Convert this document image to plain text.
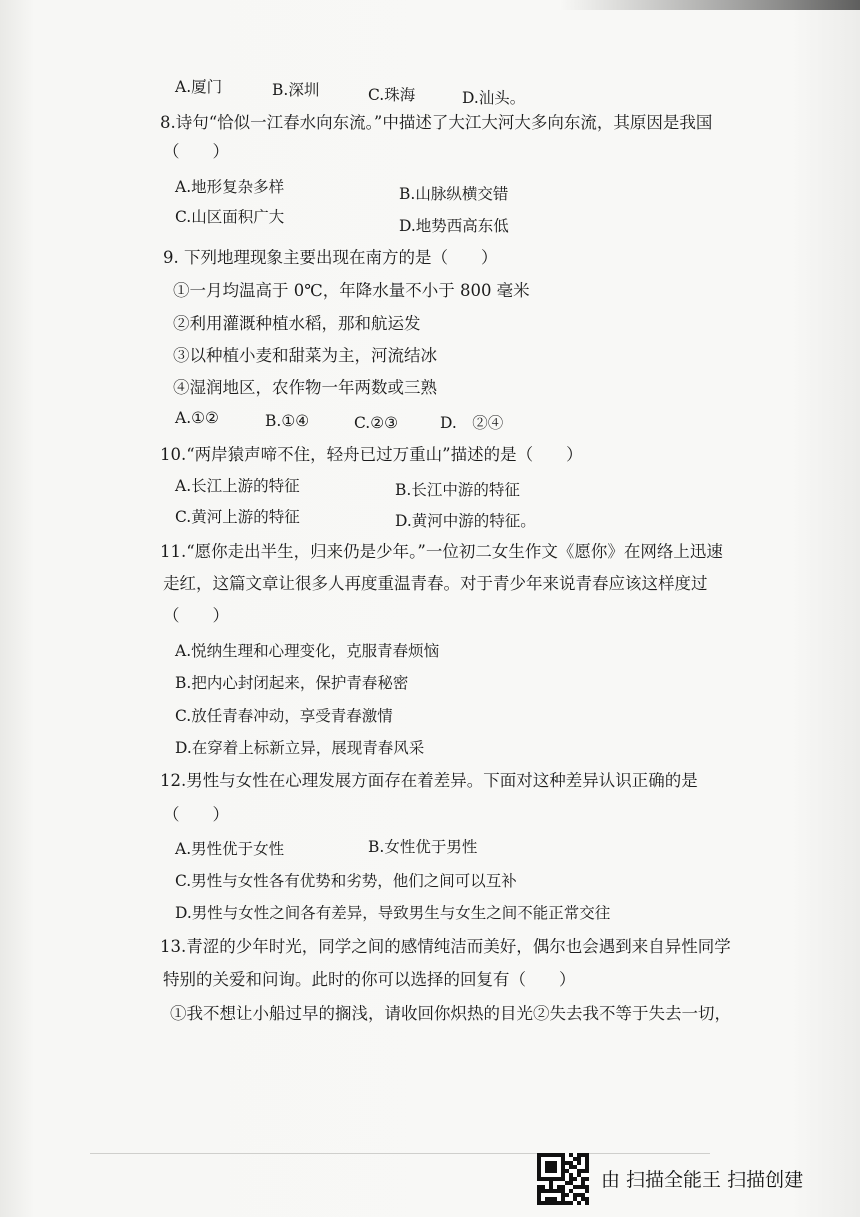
A.厦门	B.深圳	C.珠海	D.汕头。
8.诗句“恰似一江春水向东流。”中描述了大江大河大多向东流，其原因是我国
（　　）
A.地形复杂多样	B.山脉纵横交错
C.山区面积广大	D.地势西高东低
9. 下列地理现象主要出现在南方的是（　　）
①一月均温高于 0℃，年降水量不小于 800 毫米
②利用灌溉种植水稻，那和航运发
③以种植小麦和甜菜为主，河流结冰
④湿润地区，农作物一年两数或三熟
A.①②	B.①④	C.②③	D.　②④
10.“两岸猿声啼不住，轻舟已过万重山”描述的是（　　）
A.长江上游的特征	B.长江中游的特征
C.黄河上游的特征	D.黄河中游的特征。
11.“愿你走出半生，归来仍是少年。”一位初二女生作文《愿你》在网络上迅速
走红，这篇文章让很多人再度重温青春。对于青少年来说青春应该这样度过
（　　）
A.悦纳生理和心理变化，克服青春烦恼
B.把内心封闭起来，保护青春秘密
C.放任青春冲动，享受青春激情
D.在穿着上标新立异，展现青春风采
12.男性与女性在心理发展方面存在着差异。下面对这种差异认识正确的是
（　　）
A.男性优于女性	B.女性优于男性
C.男性与女性各有优势和劣势，他们之间可以互补
D.男性与女性之间各有差异，导致男生与女生之间不能正常交往
13.青涩的少年时光，同学之间的感情纯洁而美好，偶尔也会遇到来自异性同学
特别的关爱和问询。此时的你可以选择的回复有（　　）
①我不想让小船过早的搁浅，请收回你炽热的目光②失去我不等于失去一切，
由 扫描全能王 扫描创建
